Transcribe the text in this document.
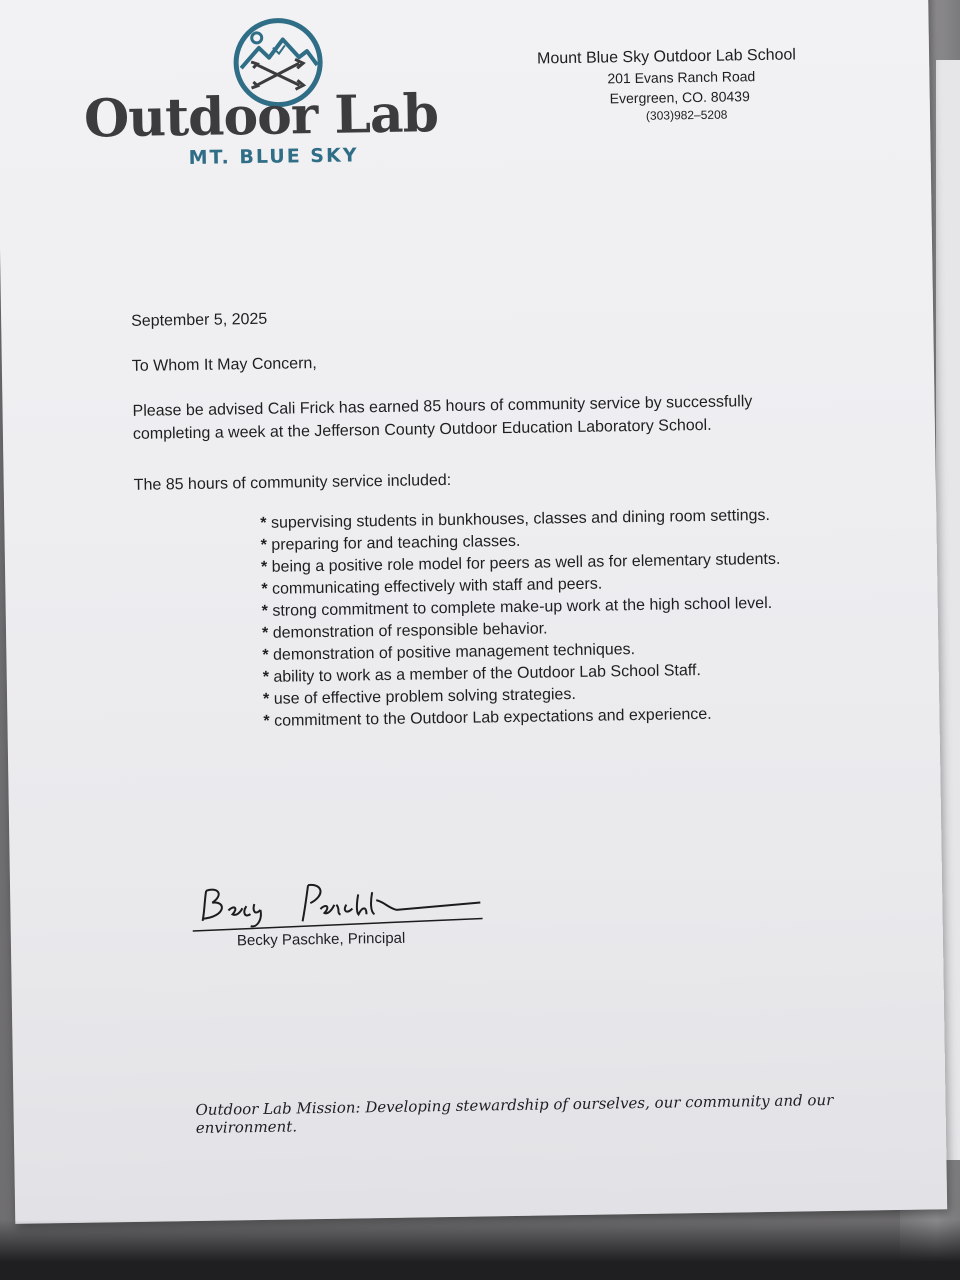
Outdoor Lab
MT. BLUE SKY
Mount Blue Sky Outdoor Lab School
201 Evans Ranch Road
Evergreen, CO. 80439
(303)982–5208
September 5, 2025
To Whom It May Concern,
Please be advised Cali Frick has earned 85 hours of community service by successfully completing a week at the Jefferson County Outdoor Education Laboratory School.
The 85 hours of community service included:
* supervising students in bunkhouses, classes and dining room settings.
* preparing for and teaching classes.
* being a positive role model for peers as well as for elementary students.
* communicating effectively with staff and peers.
* strong commitment to complete make-up work at the high school level.
* demonstration of responsible behavior.
* demonstration of positive management techniques.
* ability to work as a member of the Outdoor Lab School Staff.
* use of effective problem solving strategies.
* commitment to the Outdoor Lab expectations and experience.
Becky Paschke, Principal
Outdoor Lab Mission: Developing stewardship of ourselves, our community and our environment.
